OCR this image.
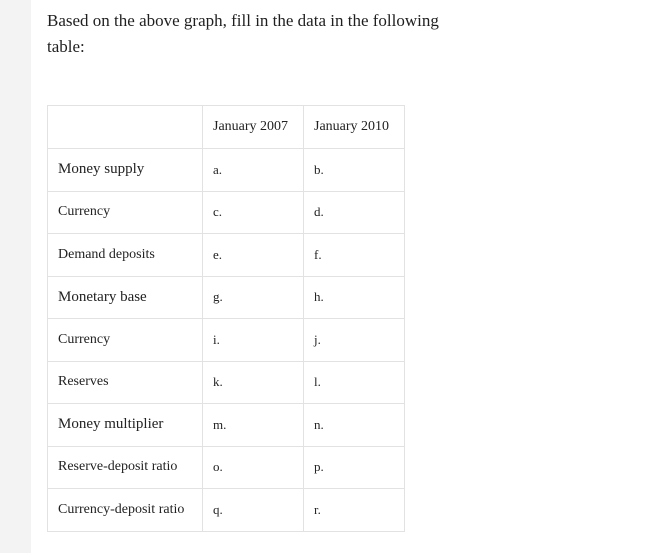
Based on the above graph, fill in the data in the following table:

	January 2007	January 2010
Money supply	a.	b.
Currency	c.	d.
Demand deposits	e.	f.
Monetary base	g.	h.
Currency	i.	j.
Reserves	k.	l.
Money multiplier	m.	n.
Reserve-deposit ratio	o.	p.
Currency-deposit ratio	q.	r.
